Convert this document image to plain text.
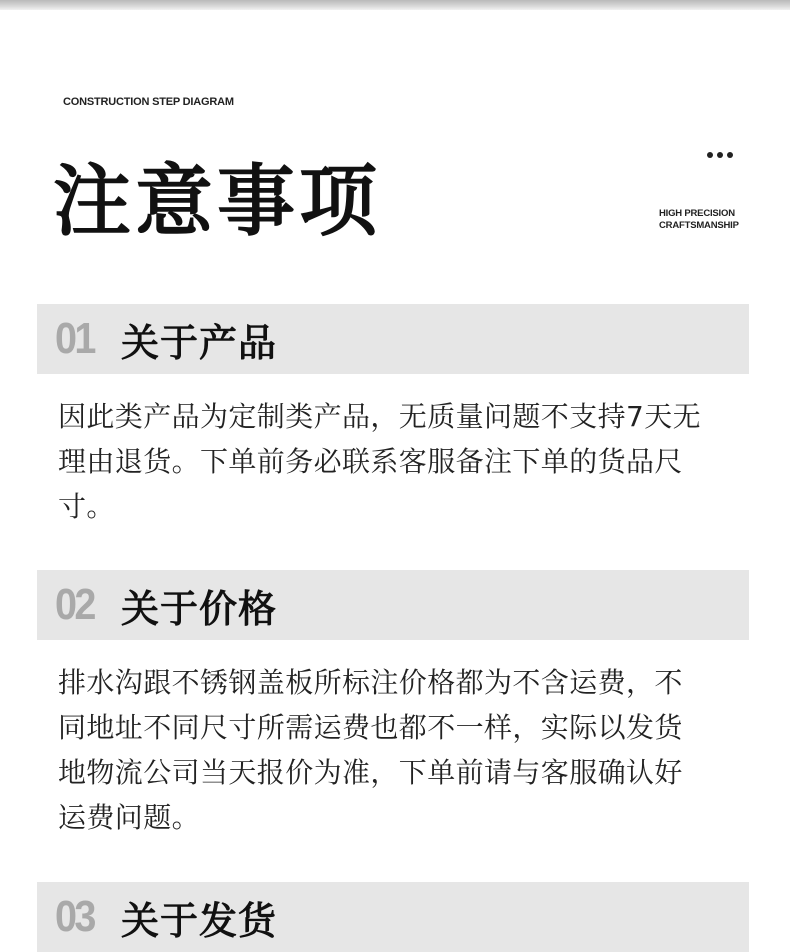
CONSTRUCTION STEP DIAGRAM
注意事项	HIGH PRECISION
CRAFTSMANSHIP
01 关于产品
因此类产品为定制类产品，无质量问题不支持7天无
理由退货。下单前务必联系客服备注下单的货品尺
寸。
02 关于价格
排水沟跟不锈钢盖板所标注价格都为不含运费，不
同地址不同尺寸所需运费也都不一样，实际以发货
地物流公司当天报价为准，下单前请与客服确认好
运费问题。
03 关于发货
